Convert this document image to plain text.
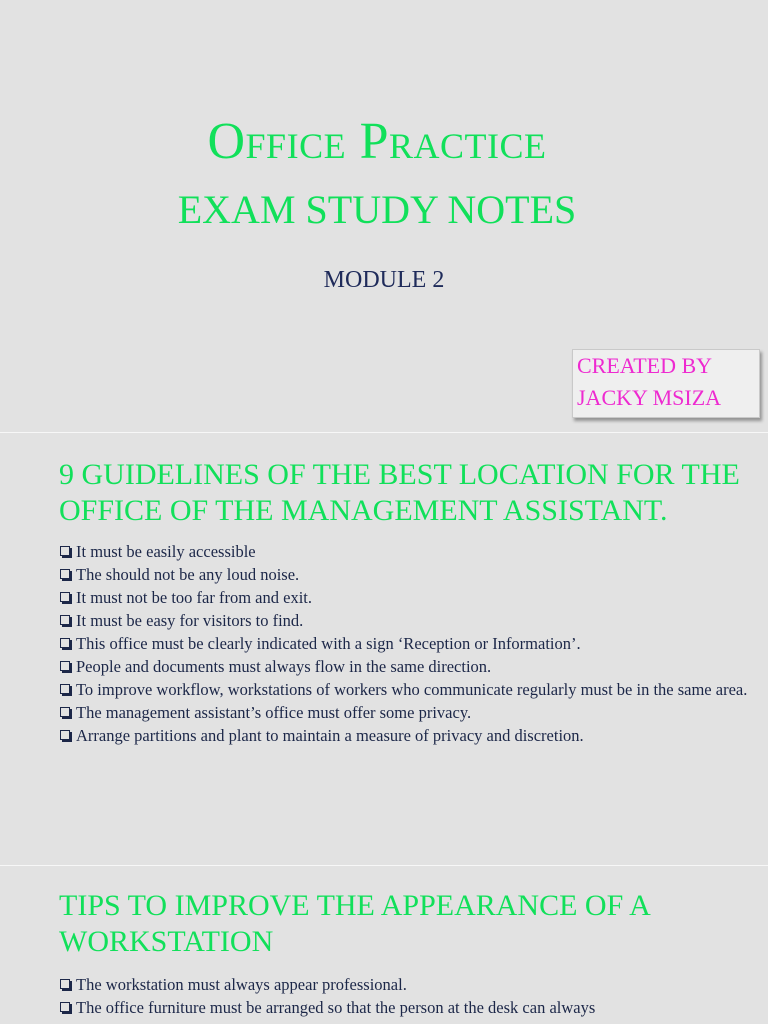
Office Practice
EXAM STUDY NOTES
MODULE 2
CREATED BY
JACKY MSIZA
9 GUIDELINES OF THE BEST LOCATION FOR THE OFFICE OF THE MANAGEMENT ASSISTANT.
It must be easily accessible
The should not be any loud noise.
It must not be too far from and exit.
It must be easy for visitors to find.
This office must be clearly indicated with a sign ‘Reception or Information’.
People and documents must always flow in the same direction.
To improve workflow, workstations of workers who communicate regularly must be in the same area.
The management assistant’s office must offer some privacy.
Arrange partitions and plant to maintain a measure of privacy and discretion.
TIPS TO IMPROVE THE APPEARANCE OF A WORKSTATION
The workstation must always appear professional.
The office furniture must be arranged so that the person at the desk can always
